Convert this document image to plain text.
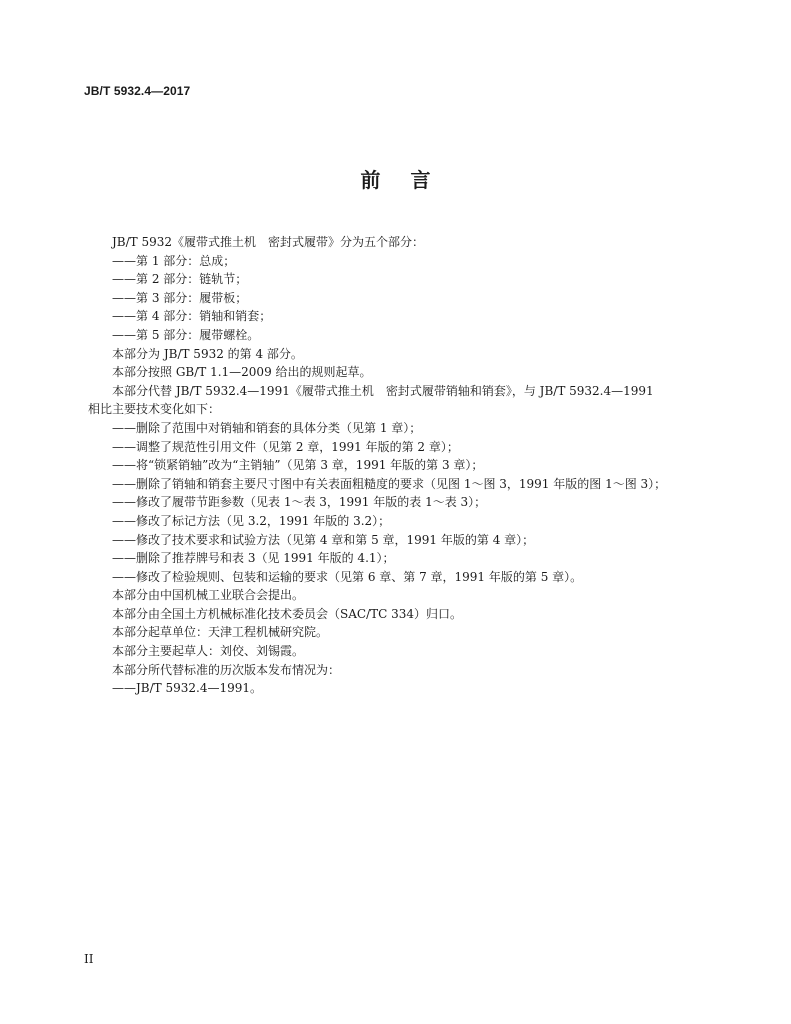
JB/T 5932.4—2017
前言

JB/T 5932《履带式推土机　密封式履带》分为五个部分：

——第 1 部分：总成；

——第 2 部分：链轨节；

——第 3 部分：履带板；

——第 4 部分：销轴和销套；

——第 5 部分：履带螺栓。

本部分为 JB/T 5932 的第 4 部分。

本部分按照 GB/T 1.1—2009 给出的规则起草。

本部分代替 JB/T 5932.4—1991《履带式推土机　密封式履带销轴和销套》，与 JB/T 5932.4—1991 相比主要技术变化如下：

——删除了范围中对销轴和销套的具体分类（见第 1 章）；

——调整了规范性引用文件（见第 2 章，1991 年版的第 2 章）；

——将“锁紧销轴”改为“主销轴”（见第 3 章，1991 年版的第 3 章）；

——删除了销轴和销套主要尺寸图中有关表面粗糙度的要求（见图 1～图 3，1991 年版的图 1～图 3）；

——修改了履带节距参数（见表 1～表 3，1991 年版的表 1～表 3）；

——修改了标记方法（见 3.2，1991 年版的 3.2）；

——修改了技术要求和试验方法（见第 4 章和第 5 章，1991 年版的第 4 章）；

——删除了推荐牌号和表 3（见 1991 年版的 4.1）；

——修改了检验规则、包装和运输的要求（见第 6 章、第 7 章，1991 年版的第 5 章）。

本部分由中国机械工业联合会提出。

本部分由全国土方机械标准化技术委员会（SAC/TC 334）归口。

本部分起草单位：天津工程机械研究院。

本部分主要起草人：刘佼、刘锡霞。

本部分所代替标准的历次版本发布情况为：

——JB/T 5932.4—1991。

II
